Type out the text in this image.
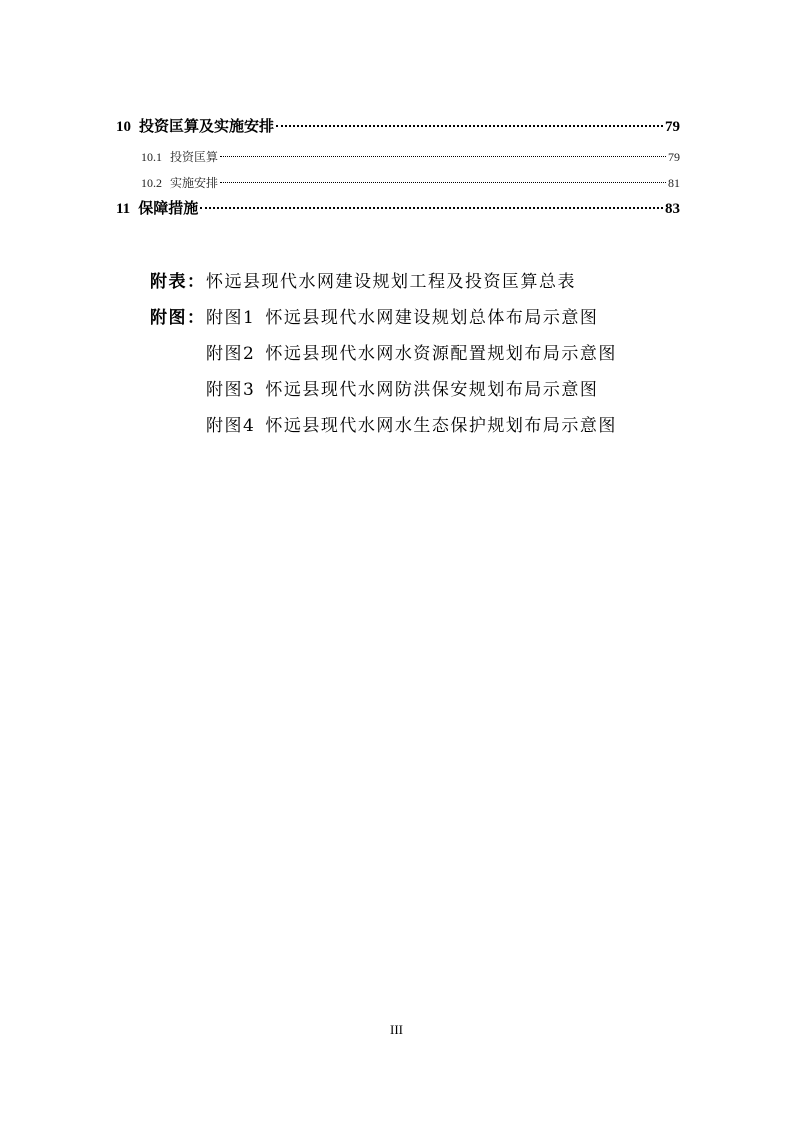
10 投资匡算及实施安排	79
10.1 投资匡算	79
10.2 实施安排	81
11 保障措施	83
附表： 怀远县现代水网建设规划工程及投资匡算总表
附图： 附图1 怀远县现代水网建设规划总体布局示意图
附图2 怀远县现代水网水资源配置规划布局示意图
附图3 怀远县现代水网防洪保安规划布局示意图
附图4 怀远县现代水网水生态保护规划布局示意图
III
